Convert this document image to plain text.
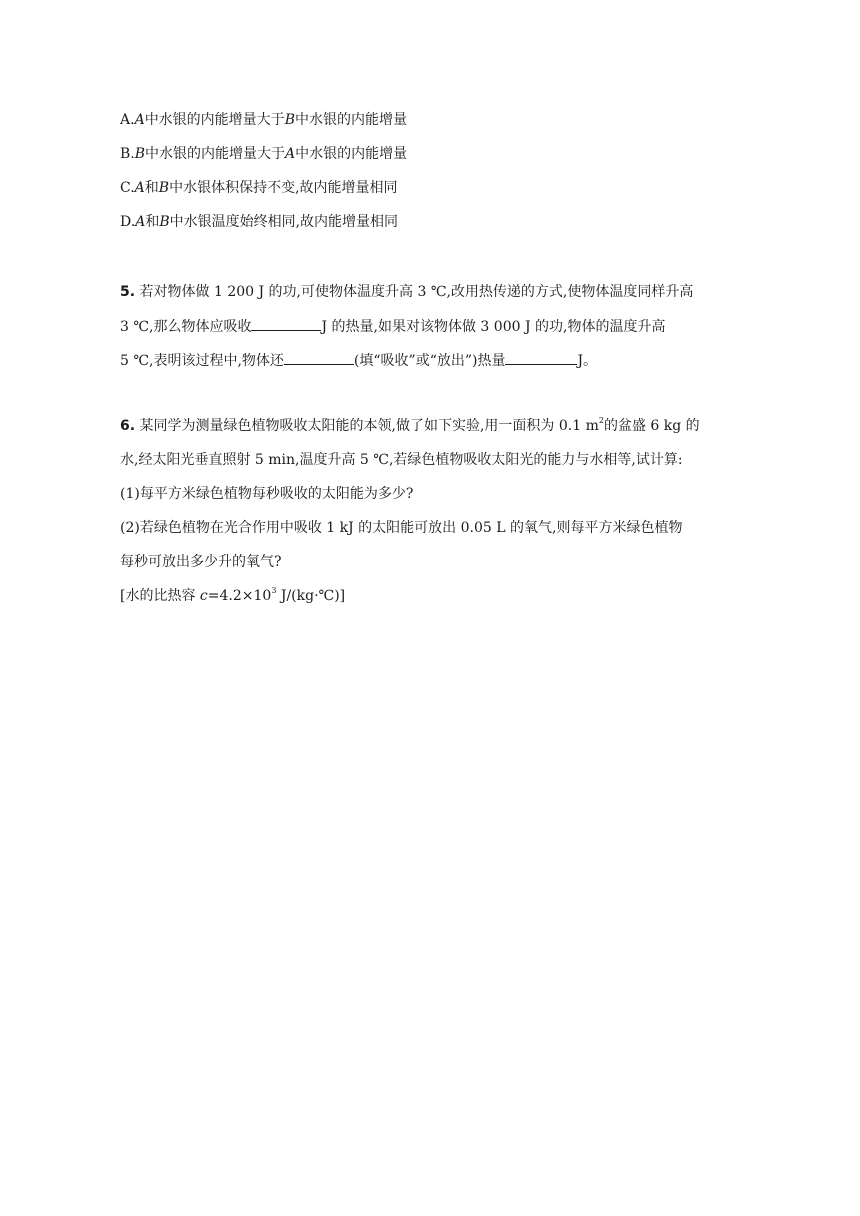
A.A中水银的内能增量大于B中水银的内能增量
B.B中水银的内能增量大于A中水银的内能增量
C.A和B中水银体积保持不变,故内能增量相同
D.A和B中水银温度始终相同,故内能增量相同
5. 若对物体做 1 200 J 的功,可使物体温度升高 3 ℃,改用热传递的方式,使物体温度同样升高
3 ℃,那么物体应吸收	J 的热量,如果对该物体做 3 000 J 的功,物体的温度升高
5 ℃,表明该过程中,物体还	(填“吸收”或“放出”)热量	J。
6. 某同学为测量绿色植物吸收太阳能的本领,做了如下实验,用一面积为 0.1 $m^2$的盆盛 6 kg 的
水,经太阳光垂直照射 5 min,温度升高 5 ℃,若绿色植物吸收太阳光的能力与水相等,试计算:
(1)每平方米绿色植物每秒吸收的太阳能为多少?
(2)若绿色植物在光合作用中吸收 1 kJ 的太阳能可放出 0.05 L 的氧气,则每平方米绿色植物
每秒可放出多少升的氧气?
[水的比热容 $c=4.2\times 10^3$ J/(kg·℃)]
